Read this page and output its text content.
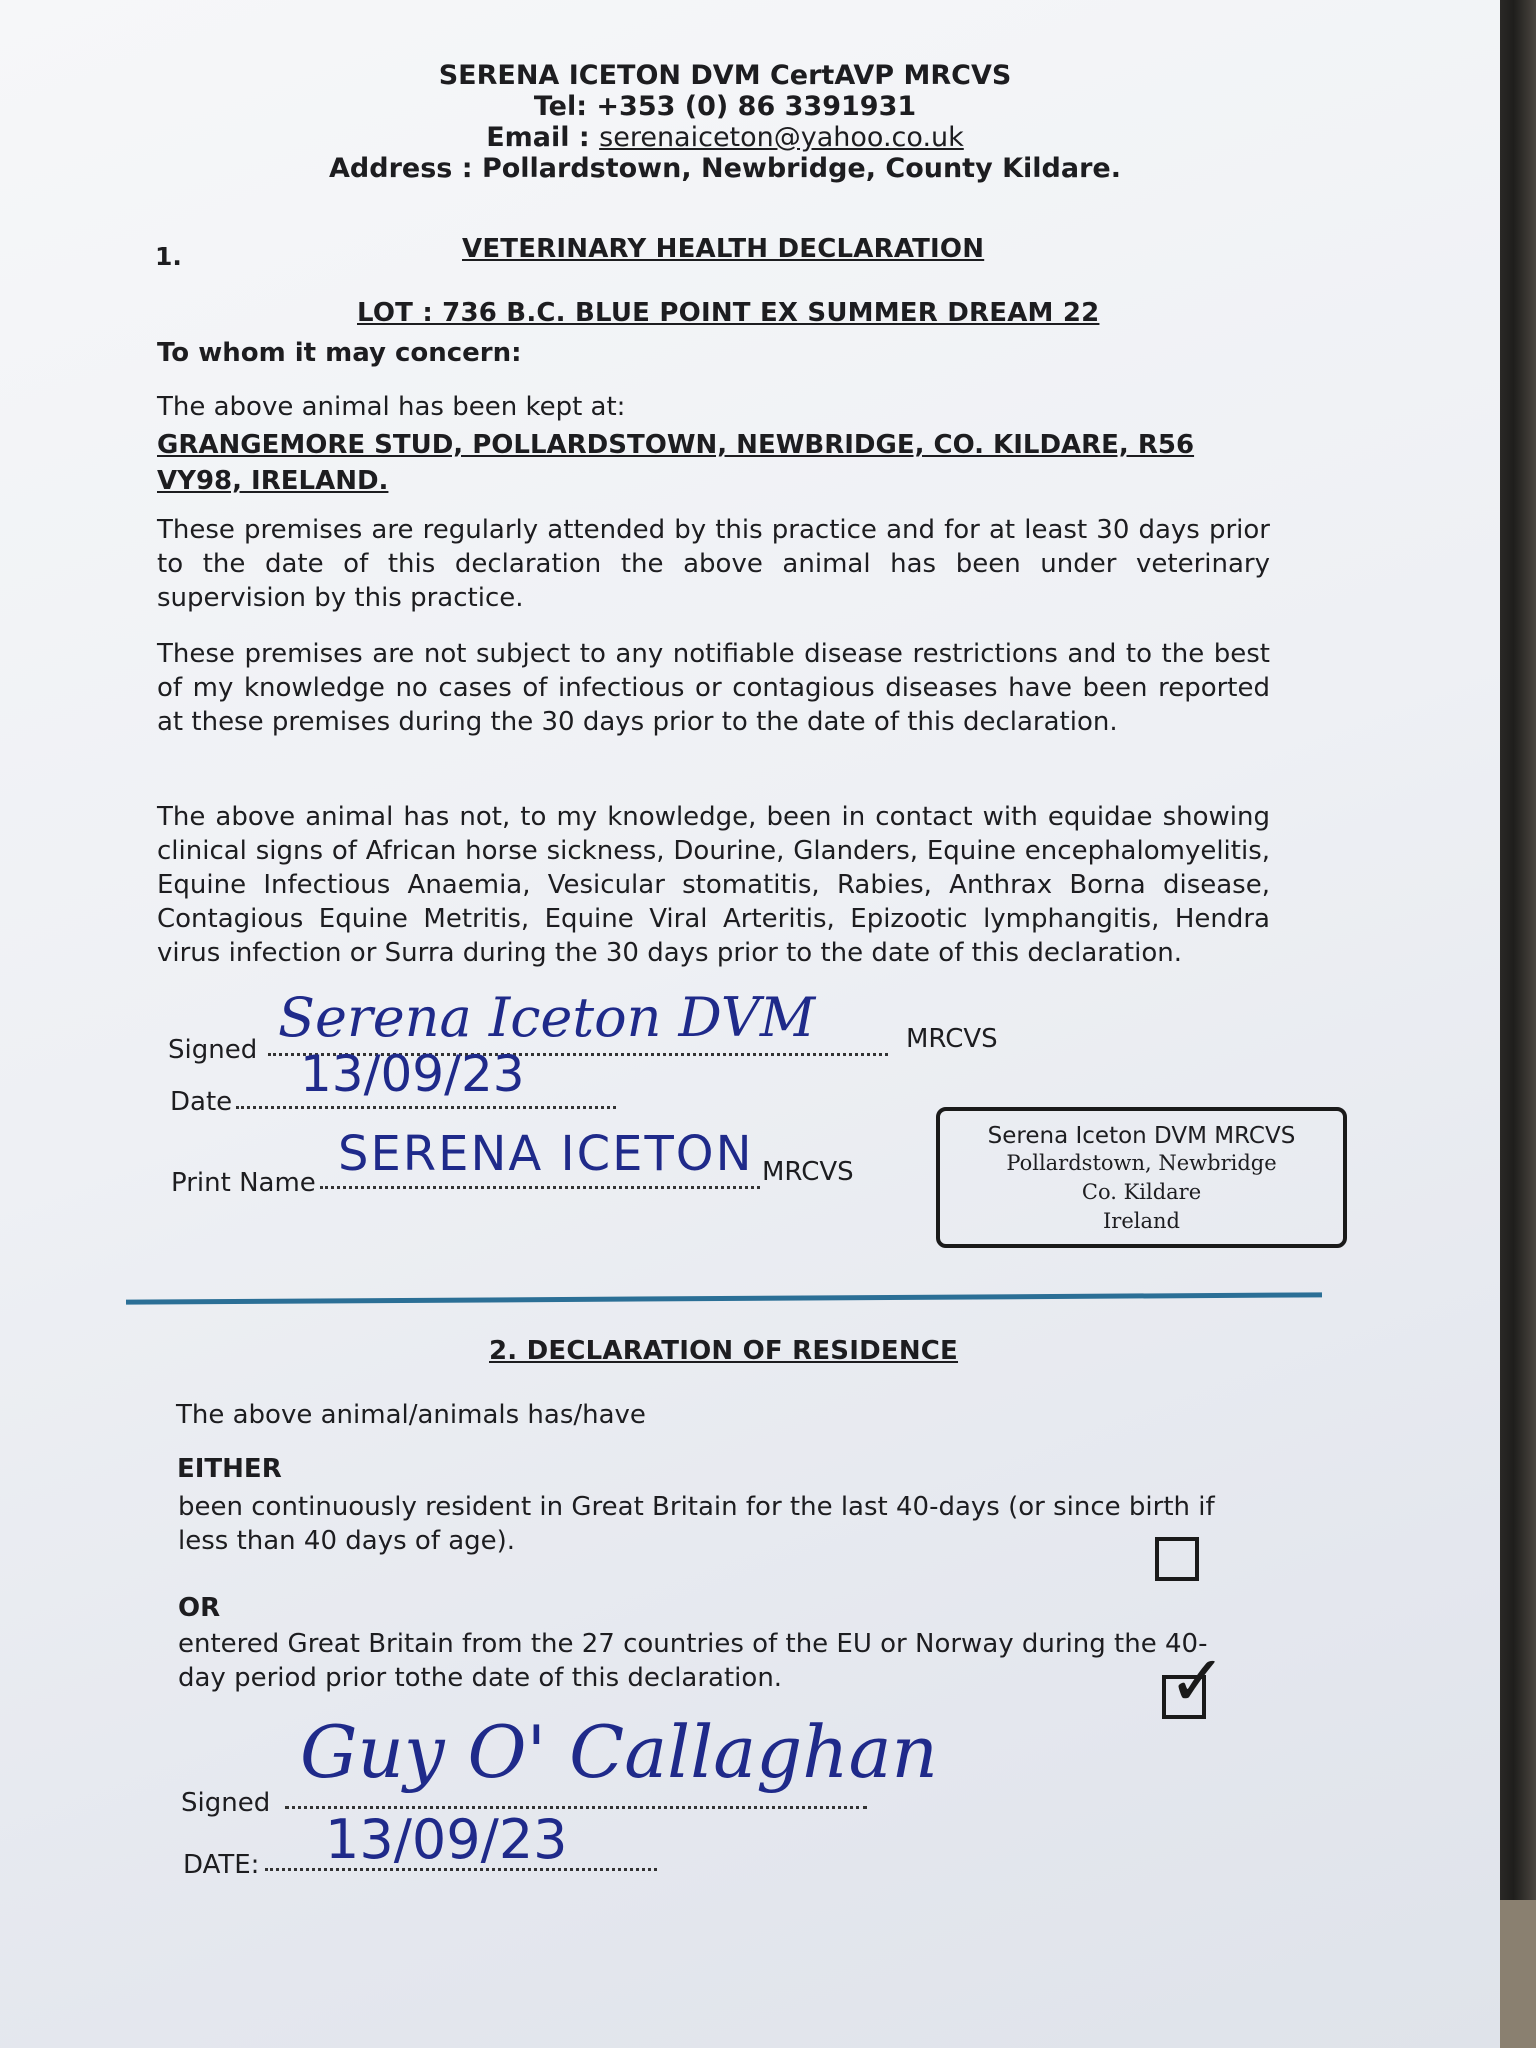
SERENA ICETON DVM CertAVP MRCVS
Tel: +353 (0) 86 3391931
Email : serenaiceton@yahoo.co.uk
Address : Pollardstown, Newbridge, County Kildare.
1.	VETERINARY HEALTH DECLARATION
LOT : 736 B.C. BLUE POINT EX SUMMER DREAM 22
To whom it may concern:
The above animal has been kept at:
GRANGEMORE STUD, POLLARDSTOWN, NEWBRIDGE, CO. KILDARE, R56
VY98, IRELAND.
These premises are regularly attended by this practice and for at least 30 days prior to the date of this declaration the above animal has been under veterinary supervision by this practice.
These premises are not subject to any notifiable disease restrictions and to the best of my knowledge no cases of infectious or contagious diseases have been reported at these premises during the 30 days prior to the date of this declaration.
The above animal has not, to my knowledge, been in contact with equidae showing clinical signs of African horse sickness, Dourine, Glanders, Equine encephalomyelitis, Equine Infectious Anaemia, Vesicular stomatitis, Rabies, Anthrax Borna disease, Contagious Equine Metritis, Equine Viral Arteritis, Epizootic lymphangitis, Hendra virus infection or Surra during the 30 days prior to the date of this declaration.
Signed
Serena Iceton DVM	MRCVS
Date 13/09/23
Print Name
SERENA ICETON MRCVS
Serena Iceton DVM MRCVS
Pollardstown, Newbridge
Co. Kildare
Ireland
2. DECLARATION OF RESIDENCE
The above animal/animals has/have
EITHER
been continuously resident in Great Britain for the last 40-days (or since birth if less than 40 days of age).
OR
entered Great Britain from the 27 countries of the EU or Norway during the 40-day period prior tothe date of this declaration.	✓
Signed
Guy O' Callaghan
DATE: 13/09/23
